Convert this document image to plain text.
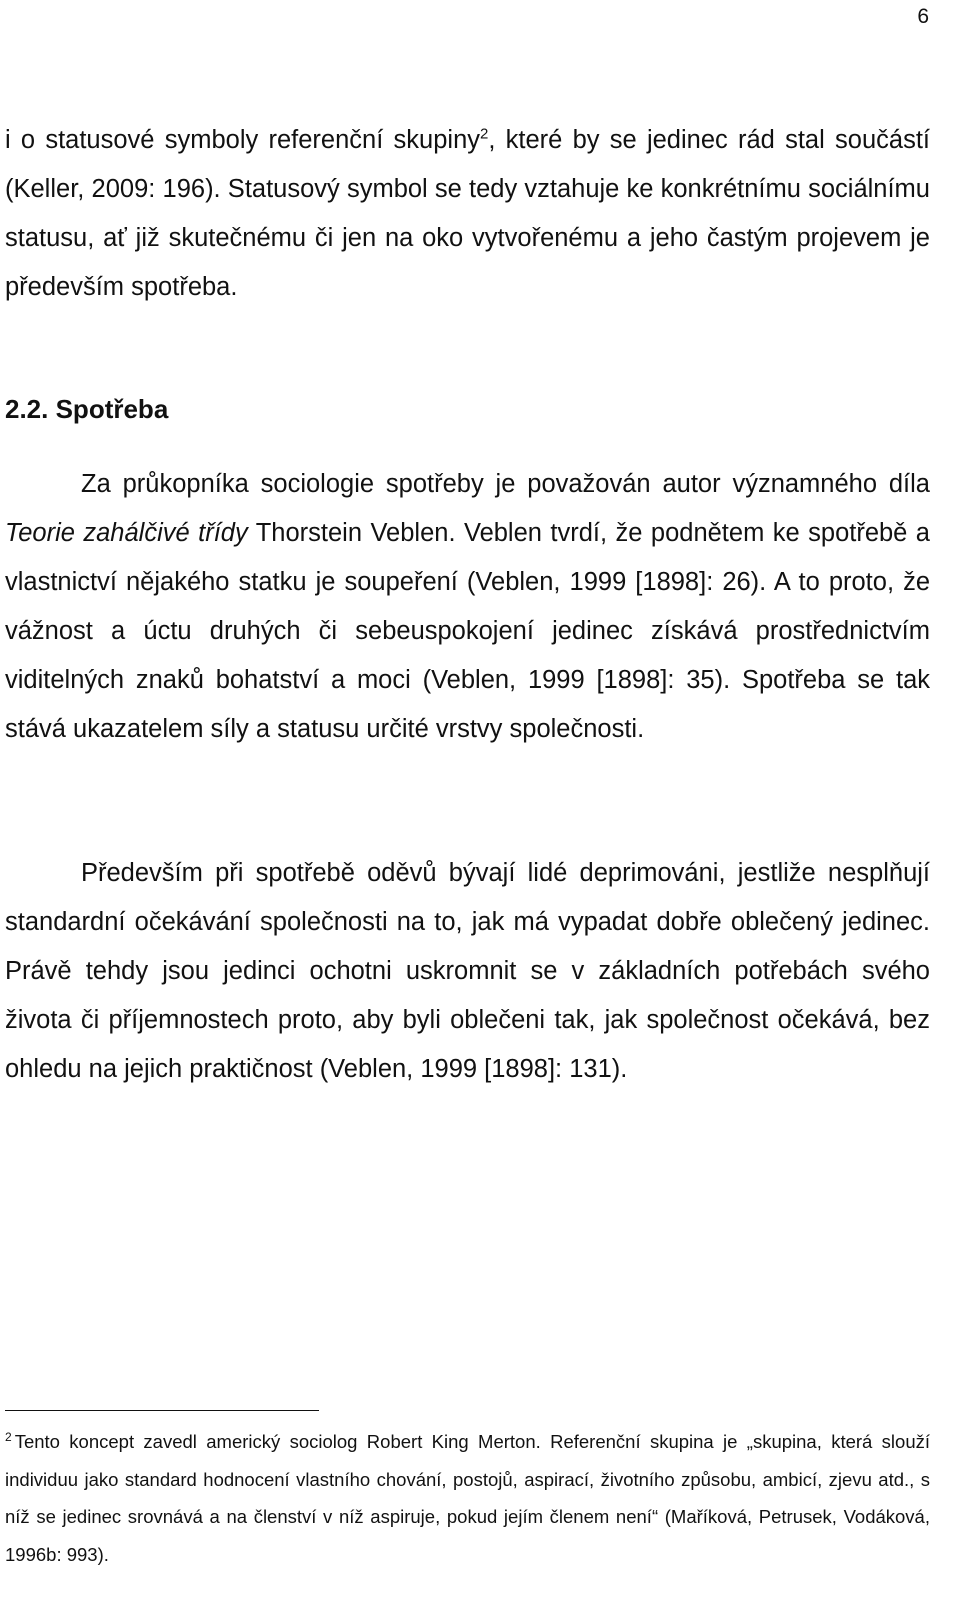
6

i o statusové symboly referenční skupiny$^2$, které by se jedinec rád stal součástí (Keller, 2009: 196). Statusový symbol se tedy vztahuje ke konkrétnímu sociálnímu statusu, ať již skutečnému či jen na oko vytvořenému a jeho častým projevem je především spotřeba.

2.2. Spotřeba

Za průkopníka sociologie spotřeby je považován autor významného díla Teorie zahálčivé třídy Thorstein Veblen. Veblen tvrdí, že podnětem ke spotřebě a vlastnictví nějakého statku je soupeření (Veblen, 1999 [1898]: 26). A to proto, že vážnost a úctu druhých či sebeuspokojení jedinec získává prostřednictvím viditelných znaků bohatství a moci (Veblen, 1999 [1898]: 35). Spotřeba se tak stává ukazatelem síly a statusu určité vrstvy společnosti.

Především při spotřebě oděvů bývají lidé deprimováni, jestliže nesplňují standardní očekávání společnosti na to, jak má vypadat dobře oblečený jedinec. Právě tehdy jsou jedinci ochotni uskromnit se v základních potřebách svého života či příjemnostech proto, aby byli oblečeni tak, jak společnost očekává, bez ohledu na jejich praktičnost (Veblen, 1999 [1898]: 131).

$^2$ Tento koncept zavedl americký sociolog Robert King Merton. Referenční skupina je „skupina, která slouží individuu jako standard hodnocení vlastního chování, postojů, aspirací, životního způsobu, ambicí, zjevu atd., s níž se jedinec srovnává a na členství v níž aspiruje, pokud jejím členem není“ (Maříková, Petrusek, Vodáková, 1996b: 993).
